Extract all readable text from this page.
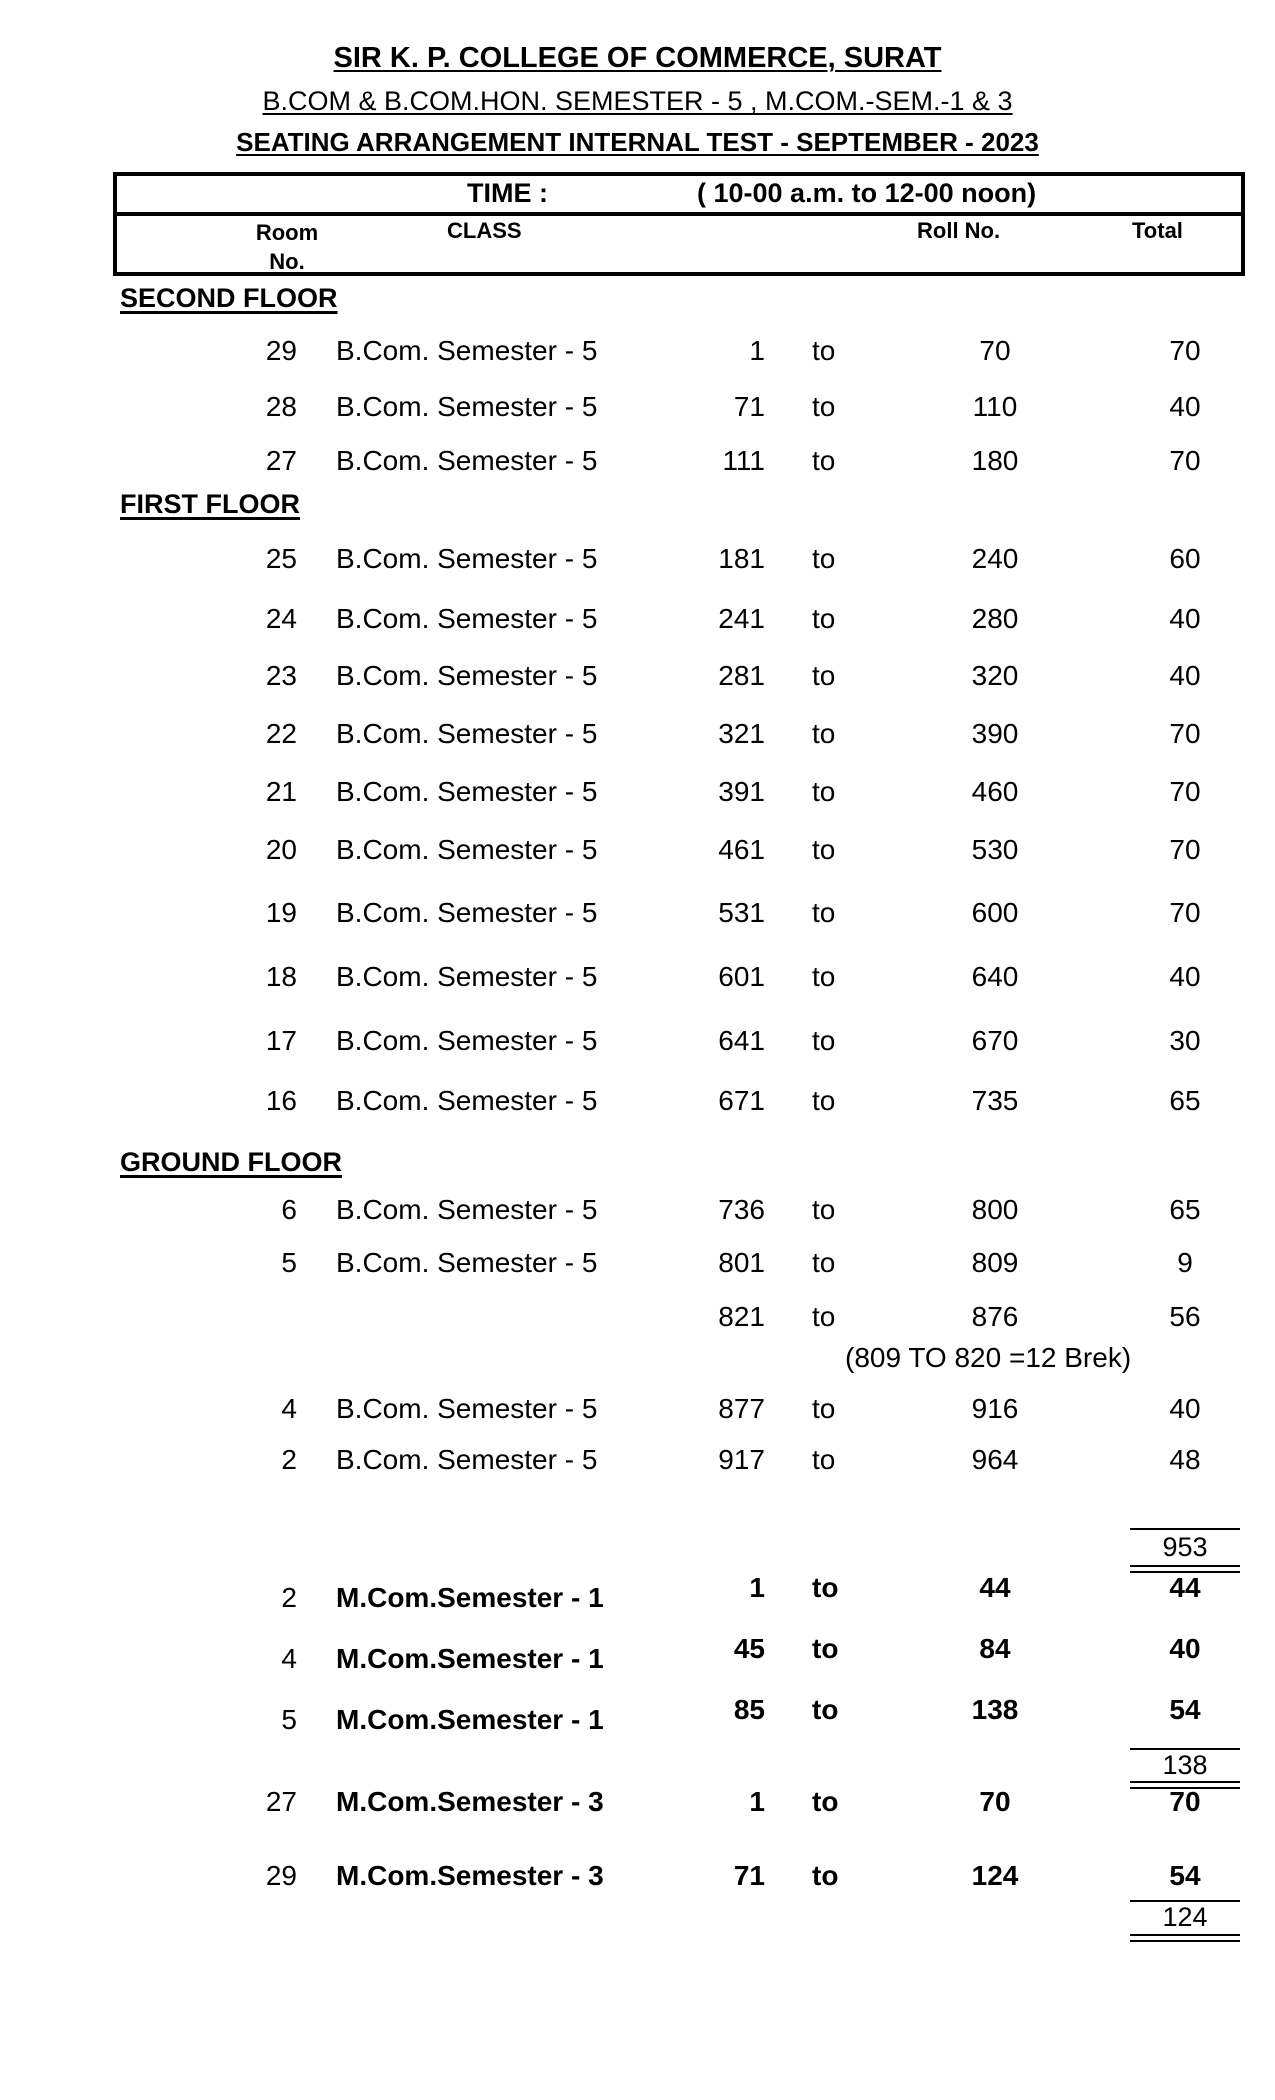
SIR K. P. COLLEGE OF COMMERCE, SURAT
B.COM & B.COM.HON. SEMESTER - 5 , M.COM.-SEM.-1 & 3
SEATING ARRANGEMENT INTERNAL TEST - SEPTEMBER - 2023
TIME :	( 10-00 a.m. to 12-00 noon)
Room No.
CLASS	Roll No.	Total
SECOND FLOOR
FIRST FLOOR
GROUND FLOOR
29 B.Com. Semester - 5	1 to	70	70
28 B.Com. Semester - 5	71 to	110	40
27 B.Com. Semester - 5	111 to	180	70
25 B.Com. Semester - 5	181 to	240	60
24 B.Com. Semester - 5	241 to	280	40
23 B.Com. Semester - 5	281 to	320	40
22 B.Com. Semester - 5	321 to	390	70
21 B.Com. Semester - 5	391 to	460	70
20 B.Com. Semester - 5	461 to	530	70
19 B.Com. Semester - 5	531 to	600	70
18 B.Com. Semester - 5	601 to	640	40
17 B.Com. Semester - 5	641 to	670	30
16 B.Com. Semester - 5	671 to	735	65
6 B.Com. Semester - 5	736 to	800	65
5 B.Com. Semester - 5	801 to	809	9
821 to	876	56
4 B.Com. Semester - 5	877 to	916	40
2 B.Com. Semester - 5	917 to	964	48
2 M.Com.Semester - 1	1 to	44	44
4 M.Com.Semester - 1	45 to	84	40
5 M.Com.Semester - 1	85 to	138	54
27 M.Com.Semester - 3	1 to	70	70
29 M.Com.Semester - 3	71 to	124	54
(809 TO 820 =12 Brek)
953
138
124
